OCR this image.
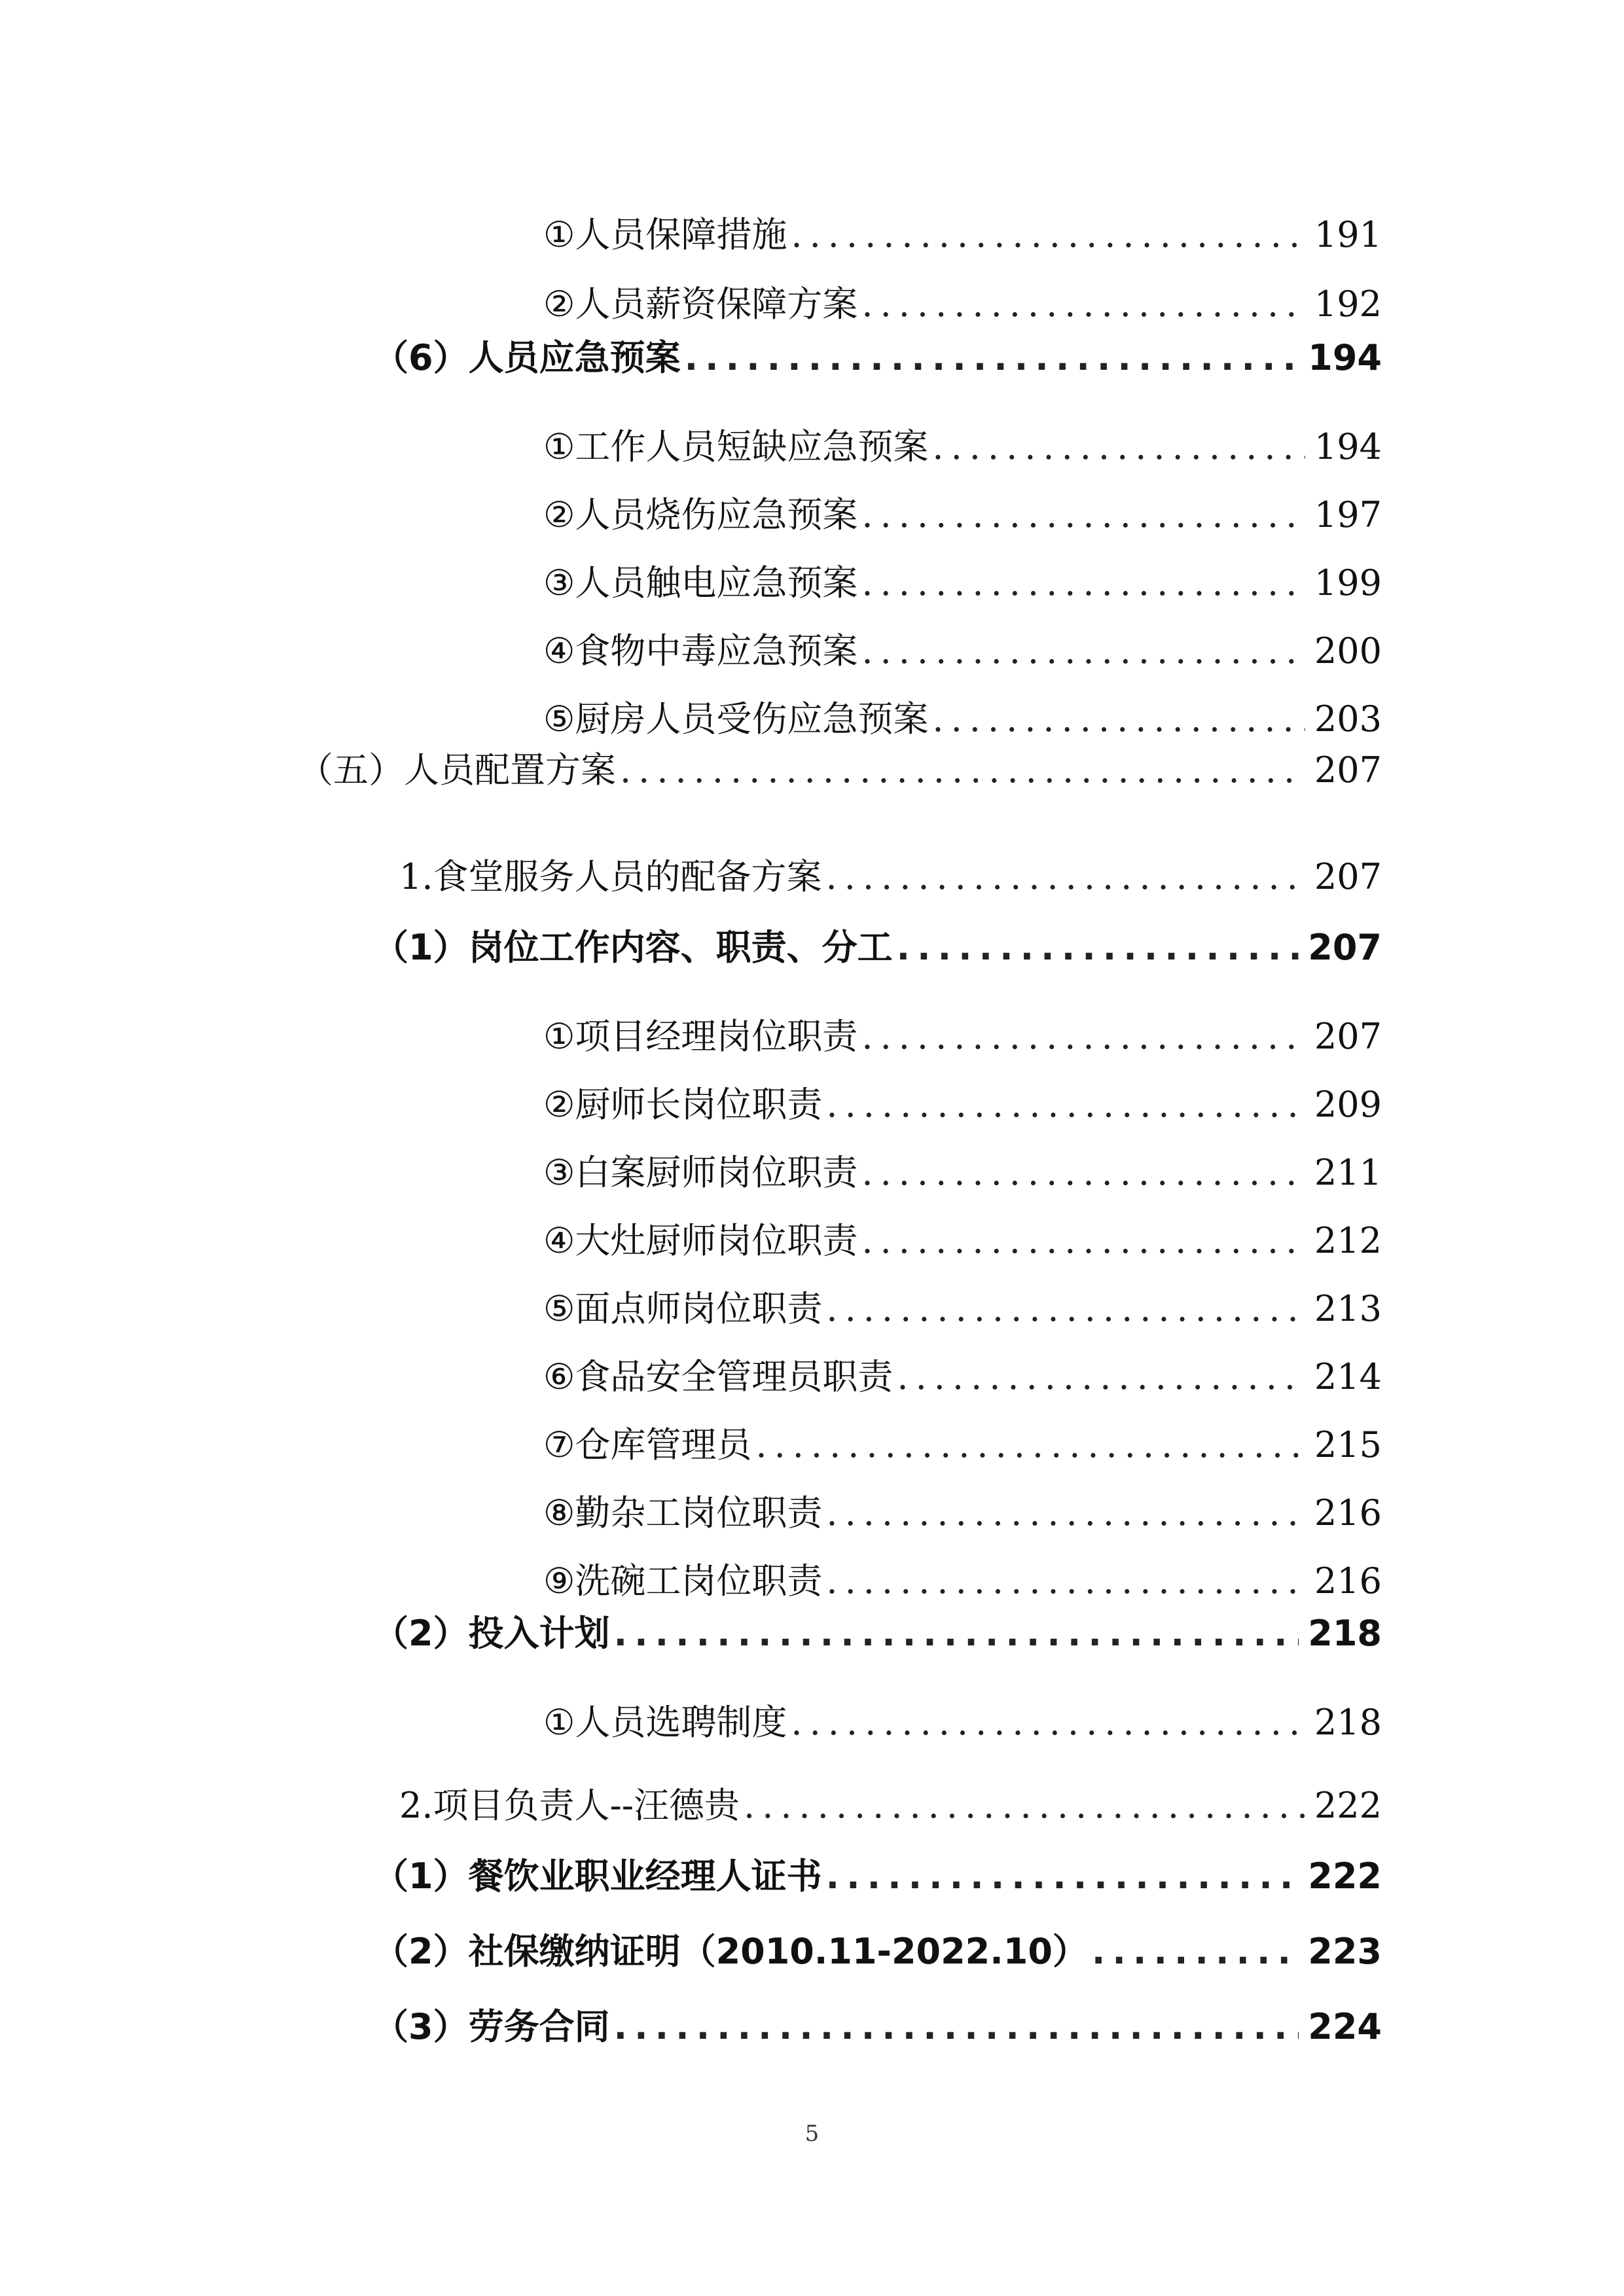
① 人员保障措施 .....	191
② 人员薪资保障方案 .....	192
（6） 人员应急预案 .....	194
① 工作人员短缺应急预案 .....	194
② 人员烧伤应急预案 .....	197
③ 人员触电应急预案 .....	199
④ 食物中毒应急预案 .....	200
⑤ 厨房人员受伤应急预案 .....	203
（五） 人员配置方案 .....	207
1. 食堂服务人员的配备方案 .....	207
（1） 岗位工作内容、职责、分工 .....	207
① 项目经理岗位职责 .....	207
② 厨师长岗位职责 .....	209
③ 白案厨师岗位职责 .....	211
④ 大灶厨师岗位职责 .....	212
⑤ 面点师岗位职责 .....	213
⑥ 食品安全管理员职责 .....	214
⑦ 仓库管理员 .....	215
⑧ 勤杂工岗位职责 .....	216
⑨ 洗碗工岗位职责 .....	216
（2） 投入计划 .....	218
① 人员选聘制度 .....	218
2. 项目负责人--汪德贵 .....	222
（1） 餐饮业职业经理人证书 .....	222
（2） 社保缴纳证明（2010.11-2022.10） .....	223
（3） 劳务合同 .....	224
5
